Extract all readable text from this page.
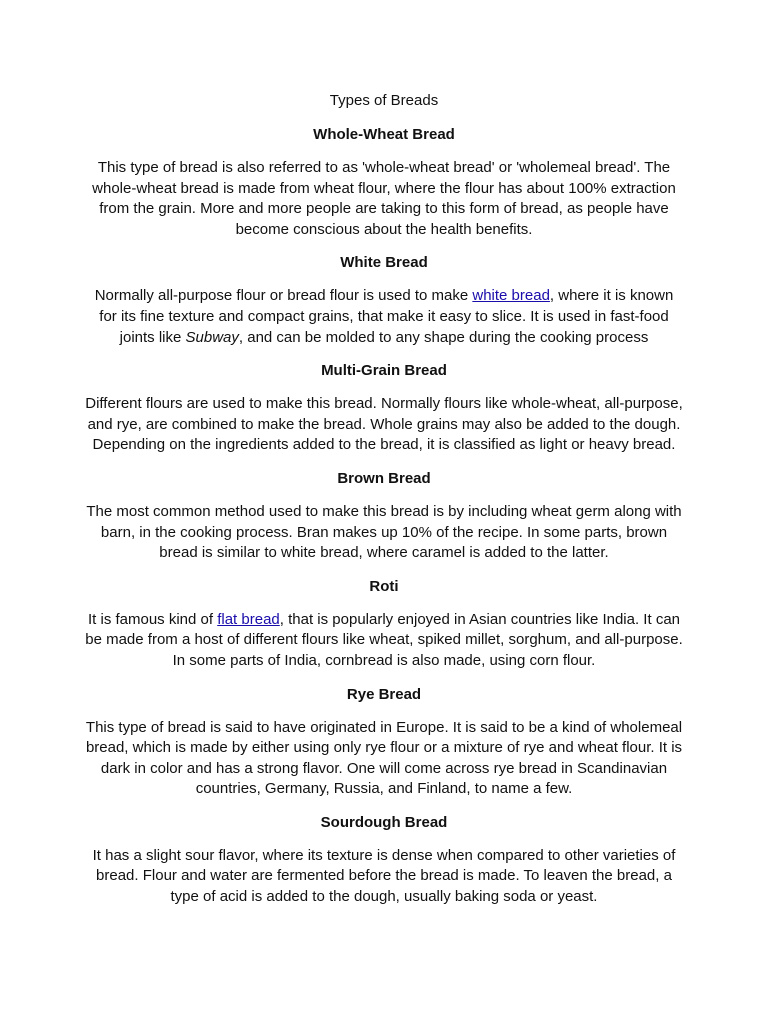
Types of Breads
Whole-Wheat Bread

This type of bread is also referred to as 'whole-wheat bread' or 'wholemeal bread'. The whole-wheat bread is made from wheat flour, where the flour has about 100% extraction from the grain. More and more people are taking to this form of bread, as people have become conscious about the health benefits.

White Bread

Normally all-purpose flour or bread flour is used to make white bread, where it is known for its fine texture and compact grains, that make it easy to slice. It is used in fast-food joints like Subway, and can be molded to any shape during the cooking process

Multi-Grain Bread

Different flours are used to make this bread. Normally flours like whole-wheat, all-purpose, and rye, are combined to make the bread. Whole grains may also be added to the dough. Depending on the ingredients added to the bread, it is classified as light or heavy bread.

Brown Bread

The most common method used to make this bread is by including wheat germ along with barn, in the cooking process. Bran makes up 10% of the recipe. In some parts, brown bread is similar to white bread, where caramel is added to the latter.

Roti

It is famous kind of flat bread, that is popularly enjoyed in Asian countries like India. It can be made from a host of different flours like wheat, spiked millet, sorghum, and all-purpose. In some parts of India, cornbread is also made, using corn flour.

Rye Bread

This type of bread is said to have originated in Europe. It is said to be a kind of wholemeal bread, which is made by either using only rye flour or a mixture of rye and wheat flour. It is dark in color and has a strong flavor. One will come across rye bread in Scandinavian countries, Germany, Russia, and Finland, to name a few.

Sourdough Bread

It has a slight sour flavor, where its texture is dense when compared to other varieties of bread. Flour and water are fermented before the bread is made. To leaven the bread, a type of acid is added to the dough, usually baking soda or yeast.
